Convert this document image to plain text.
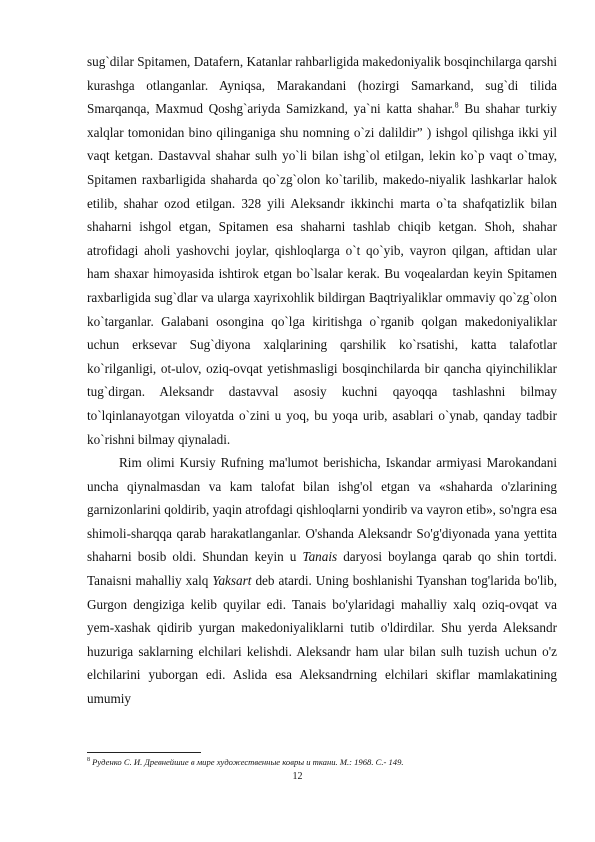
sug`dilar Spitamen, Datafern, Katanlar rahbarligida makedoniyalik bosqinchilarga qarshi kurashga otlanganlar. Ayniqsa, Marakandani (hozirgi Samarkand, sug`di tilida Smarqanqa, Maxmud Qoshg`ariyda Samizkand, ya`ni katta shahar.$^8$ Bu shahar turkiy xalqlar tomonidan bino qilinganiga shu nomning o`zi dalildir” ) ishgol qilishga ikki yil vaqt ketgan. Dastavval shahar sulh yo`li bilan ishg`ol etilgan, lekin ko`p vaqt o`tmay, Spitamen raxbarligida shaharda qo`zg`olon ko`tarilib, makedo-niyalik lashkarlar halok etilib, shahar ozod etilgan. 328 yili Aleksandr ikkinchi marta o`ta shafqatizlik bilan shaharni ishgol etgan, Spitamen esa shaharni tashlab chiqib ketgan. Shoh, shahar atrofidagi aholi yashovchi joylar, qishloqlarga o`t qo`yib, vayron qilgan, aftidan ular ham shaxar himoyasida ishtirok etgan bo`lsalar kerak. Bu voqealardan keyin Spitamen raxbarligida sug`dlar va ularga xayrixohlik bildirgan Baqtriyaliklar ommaviy qo`zg`olon ko`targanlar. Galabani osongina qo`lga kiritishga o`rganib qolgan makedoniyaliklar uchun erksevar Sug`diyona xalqlarining qarshilik ko`rsatishi, katta talafotlar ko`rilganligi, ot-ulov, oziq-ovqat yetishmasligi bosqinchilarda bir qancha qiyinchiliklar tug`dirgan. Aleksandr dastavval asosiy kuchni qayoqqa tashlashni bilmay to`lqinlanayotgan viloyatda o`zini u yoq, bu yoqa urib, asablari o`ynab, qanday tadbir ko`rishni bilmay qiynaladi.

Rim olimi Kursiy Rufning ma'lumot berishicha, Iskandar armiyasi Marokandani uncha qiynalmasdan va kam talofat bilan ishg'ol etgan va «shaharda o'zlarining garnizonlarini qoldirib, yaqin atrofdagi qishloqlarni yondirib va vayron etib», so'ngra esa shimoli-sharqqa qarab harakatlanganlar. O'shanda Aleksandr So'g'diyonada yana yettita shaharni bosib oldi. Shundan keyin u Tanais daryosi boylanga qarab qo shin tortdi. Tanaisni mahalliy xalq Yaksart deb atardi. Uning boshlanishi Tyanshan tog'larida bo'lib, Gurgon dengiziga kelib quyilar edi. Tanais bo'ylaridagi mahalliy xalq oziq-ovqat va yem-xashak qidirib yurgan makedoniyaliklarni tutib o'ldirdilar. Shu yerda Aleksandr huzuriga saklarning elchilari kelishdi. Aleksandr ham ular bilan sulh tuzish uchun o'z elchilarini yuborgan edi. Aslida esa Aleksandrning elchilari skiflar mamlakatining umumiy

$^8$ Руденко С. И. Древнейшие в мире художественные ковры и ткани. М.: 1968. С.- 149.
12
